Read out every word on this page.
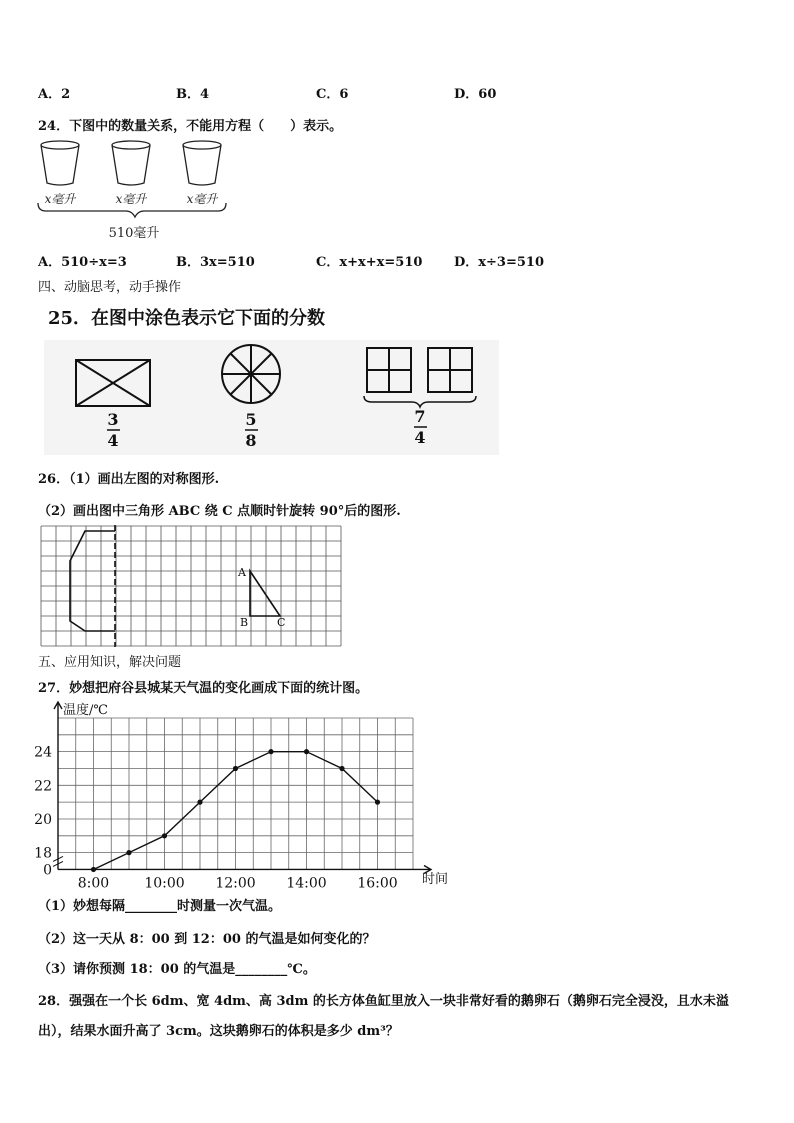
A．2	B．4	C．6	D．60
24．下图中的数量关系，不能用方程（　　）表示。
x毫升	x毫升	x毫升
510毫升
A．510÷x=3	B．3x=510	C．x+x+x=510 D．x÷3=510
四、动脑思考，动手操作
25．在图中涂色表示它下面的分数
3
4
5
8
7
4
26．（1）画出左图的对称图形.
（2）画出图中三角形 ABC 绕 C 点顺时针旋转 90°后的图形.
A
B	C
五、应用知识，解决问题
27．妙想把府谷县城某天气温的变化画成下面的统计图。
0
18
20
22
24
8:00	10:00 12:00 14:00 16:00
温度/℃
时间
（1）妙想每隔________时测量一次气温。
（2）这一天从 8：00 到 12：00 的气温是如何变化的？
（3）请你预测 18：00 的气温是________℃。
28．强强在一个长 6dm、宽 4dm、高 3dm 的长方体鱼缸里放入一块非常好看的鹅卵石（鹅卵石完全浸没，且水未溢
出），结果水面升高了 3cm。这块鹅卵石的体积是多少 dm³？
